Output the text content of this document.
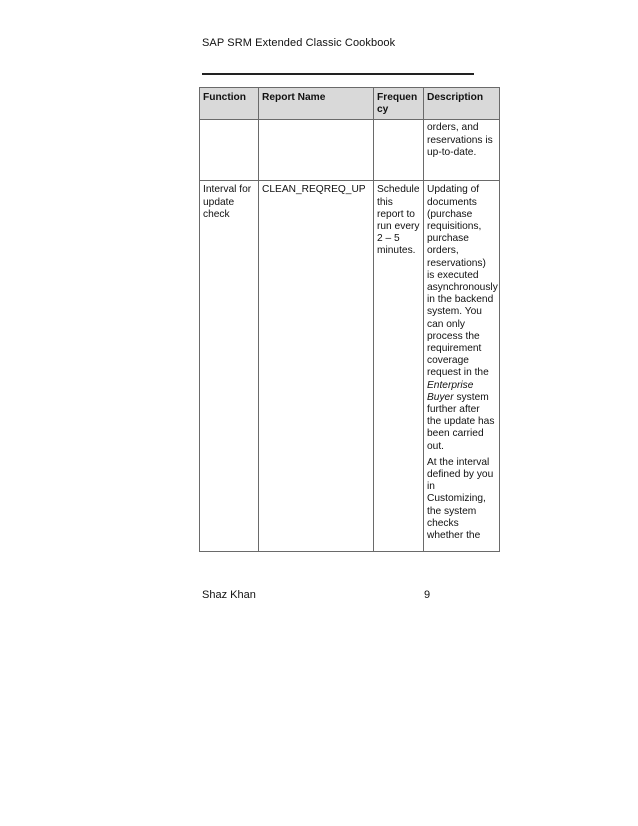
SAP SRM Extended Classic Cookbook
Function	Report Name	Frequen cy	Description
			orders, and reservations is up-to-date.
Interval for update check	CLEAN_REQREQ_UP	Schedule this report to run every 2 – 5 minutes.	Updating of documents (purchase requisitions, purchase orders, reservations) is executed asynchronously in the backend system. You can only process the requirement coverage request in the Enterprise Buyer system further after the update has been carried out.
At the interval defined by you in Customizing, the system checks whether the
Shaz Khan	9
